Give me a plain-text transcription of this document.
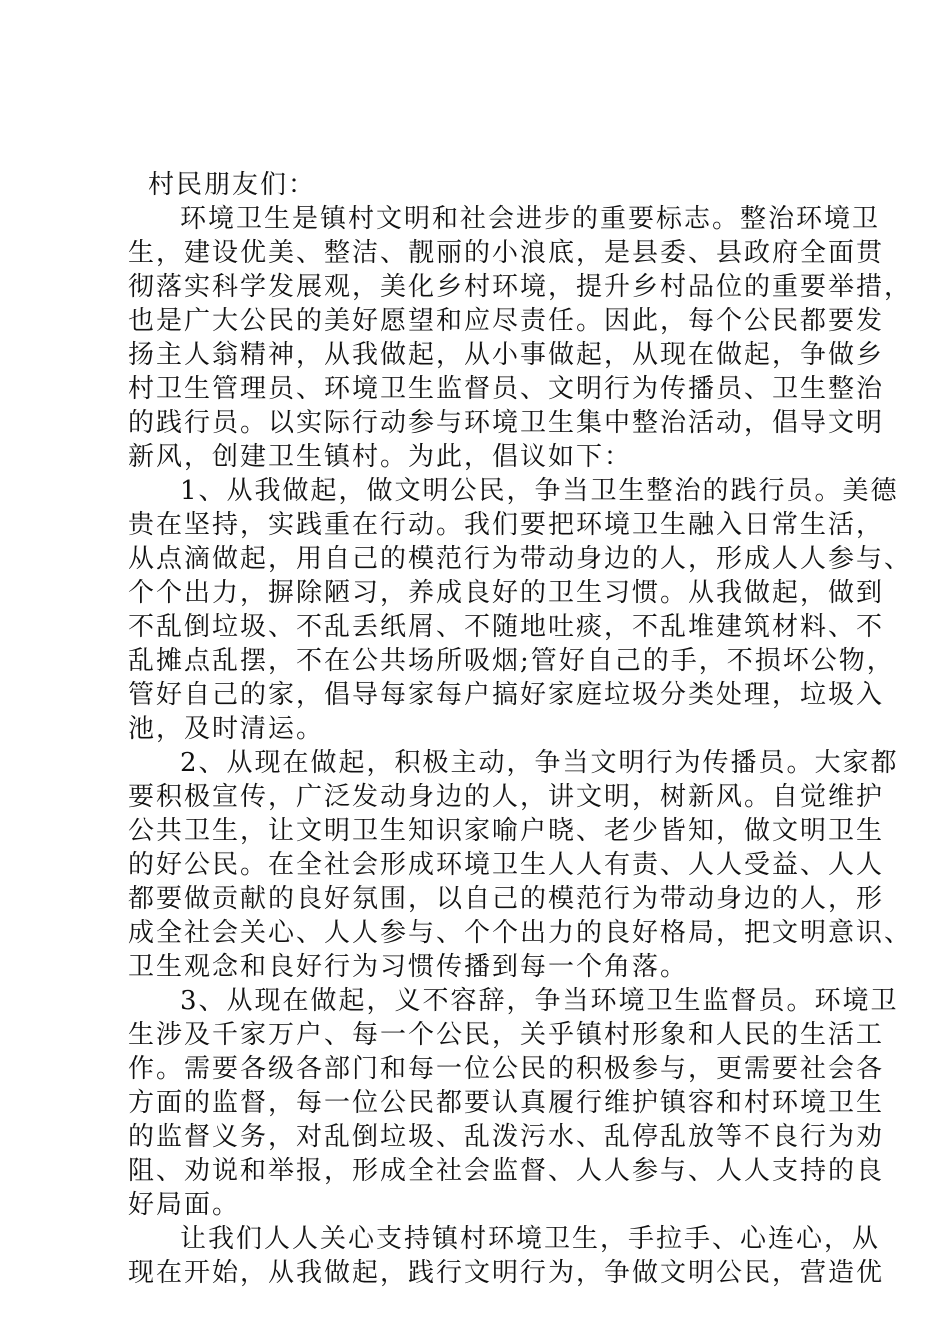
村民朋友们：
环境卫生是镇村文明和社会进步的重要标志。整治环境卫
生，建设优美、整洁、靓丽的小浪底，是县委、县政府全面贯
彻落实科学发展观，美化乡村环境，提升乡村品位的重要举措，
也是广大公民的美好愿望和应尽责任。因此，每个公民都要发
扬主人翁精神，从我做起，从小事做起，从现在做起，争做乡
村卫生管理员、环境卫生监督员、文明行为传播员、卫生整治
的践行员。以实际行动参与环境卫生集中整治活动，倡导文明
新风，创建卫生镇村。为此，倡议如下：
1、从我做起，做文明公民，争当卫生整治的践行员。美德
贵在坚持，实践重在行动。我们要把环境卫生融入日常生活，
从点滴做起，用自己的模范行为带动身边的人，形成人人参与、
个个出力，摒除陋习，养成良好的卫生习惯。从我做起，做到
不乱倒垃圾、不乱丢纸屑、不随地吐痰，不乱堆建筑材料、不
乱摊点乱摆，不在公共场所吸烟;管好自己的手，不损坏公物，
管好自己的家，倡导每家每户搞好家庭垃圾分类处理，垃圾入
池，及时清运。
2、从现在做起，积极主动，争当文明行为传播员。大家都
要积极宣传，广泛发动身边的人，讲文明，树新风。自觉维护
公共卫生，让文明卫生知识家喻户晓、老少皆知，做文明卫生
的好公民。在全社会形成环境卫生人人有责、人人受益、人人
都要做贡献的良好氛围，以自己的模范行为带动身边的人，形
成全社会关心、人人参与、个个出力的良好格局，把文明意识、
卫生观念和良好行为习惯传播到每一个角落。
3、从现在做起，义不容辞，争当环境卫生监督员。环境卫
生涉及千家万户、每一个公民，关乎镇村形象和人民的生活工
作。需要各级各部门和每一位公民的积极参与，更需要社会各
方面的监督，每一位公民都要认真履行维护镇容和村环境卫生
的监督义务，对乱倒垃圾、乱泼污水、乱停乱放等不良行为劝
阻、劝说和举报，形成全社会监督、人人参与、人人支持的良
好局面。
让我们人人关心支持镇村环境卫生，手拉手、心连心，从
现在开始，从我做起，践行文明行为，争做文明公民，营造优
